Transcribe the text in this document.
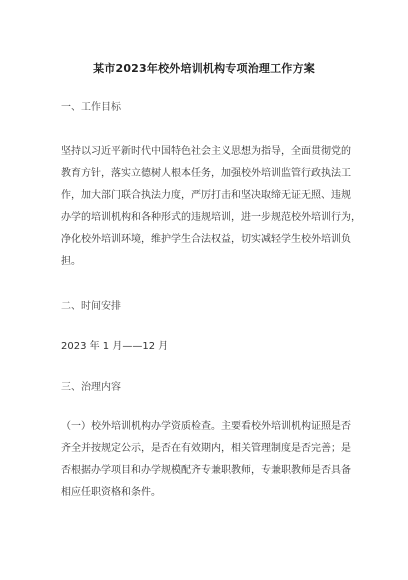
某市2023年校外培训机构专项治理工作方案
一、工作目标
坚持以习近平新时代中国特色社会主义思想为指导，全面贯彻党的
教育方针，落实立德树人根本任务，加强校外培训监管行政执法工
作，加大部门联合执法力度，严厉打击和坚决取缔无证无照、违规
办学的培训机构和各种形式的违规培训，进一步规范校外培训行为，
净化校外培训环境，维护学生合法权益，切实减轻学生校外培训负
担。
二、时间安排
2023 年 1 月——12 月
三、治理内容
（一）校外培训机构办学资质检查。主要看校外培训机构证照是否
齐全并按规定公示，是否在有效期内，相关管理制度是否完善；是
否根据办学项目和办学规模配齐专兼职教师，专兼职教师是否具备
相应任职资格和条件。
